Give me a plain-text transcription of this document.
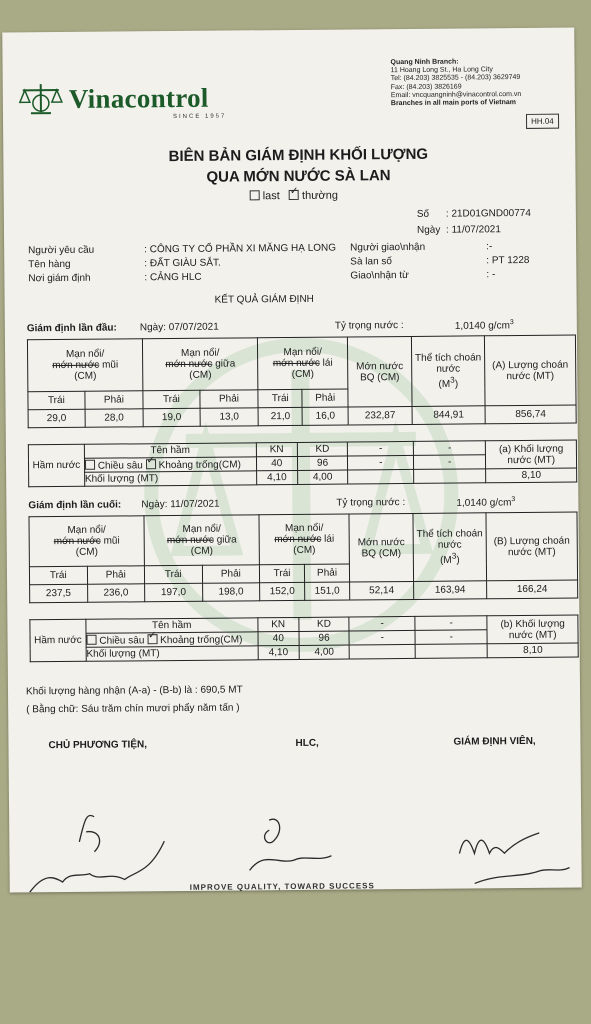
Vinacontrol
SINCE 1957
Quang Ninh Branch:
11 Hoang Long St., Ha Long City
Tel: (84.203) 3825535 - (84.203) 3629749
Fax: (84.203) 3826169
Email: vncquangninh@vinacontrol.com.vn
Branches in all main ports of Vietnam
HH.04
BIÊN BẢN GIÁM ĐỊNH KHỐI LƯỢNG
QUA MỚN NƯỚC SÀ LAN
last ✓ thường
Số : 21D01GND00774
Ngày : 11/07/2021
Người yêu cầu	: CÔNG TY CỔ PHẦN XI MĂNG HẠ LONG
Tên hàng	: ĐẤT GIÀU SẮT.
Nơi giám định	: CẢNG HLC
Người giao\nhận	:-
Sà lan số	: PT 1228
Giao\nhận từ	: -
KẾT QUẢ GIÁM ĐỊNH
Giám định lần đầu: Ngày: 07/07/2021	Tỷ trọng nước :	1,0140 $g/cm^3$
Mạn nổi/
mớn nước mũi
(CM)		Mạn nổi/
mớn nước giữa
(CM)		Mạn nổi/
mớn nước lái
(CM)		Mớn nước BQ (CM)	Thể tích choán nước
$(M^3)$	(A) Lượng choán nước (MT)
Trái	Phải	Trái	Phải	Trái	Phải			
29,0	28,0	19,0	13,0	21,0	16,0	232,87	844,91	856,74
Hầm nước	Tên hầm	KN	KD	-	-	(a) Khối lượng nước (MT)
	Chiều sâu ✓ Khoảng trống(CM)	40	96	-	-	
	Khối lượng (MT)	4,10	4,00			8,10
Giám định lần cuối: Ngày: 11/07/2021	Tỷ trọng nước :	1,0140 $g/cm^3$
Mạn nổi/
mớn nước mũi
(CM)		Mạn nổi/
mớn nước giữa
(CM)		Mạn nổi/
mớn nước lái
(CM)		Mớn nước BQ (CM)	Thể tích choán nước
$(M^3)$	(B) Lượng choán nước (MT)
Trái	Phải	Trái	Phải	Trái	Phải			
237,5	236,0	197,0	198,0	152,0	151,0	52,14	163,94	166,24
Hầm nước	Tên hầm	KN	KD	-	-	(b) Khối lượng nước (MT)
	Chiều sâu ✓ Khoảng trống(CM)	40	96	-	-	
	Khối lượng (MT)	4,10	4,00			8,10
Khối lượng hàng nhận (A-a) - (B-b) là : 690,5 MT
( Bằng chữ: Sáu trăm chín mươi phẩy năm tấn )
CHỦ PHƯƠNG TIỆN,	HLC,	GIÁM ĐỊNH VIÊN,
IMPROVE QUALITY, TOWARD SUCCESS
